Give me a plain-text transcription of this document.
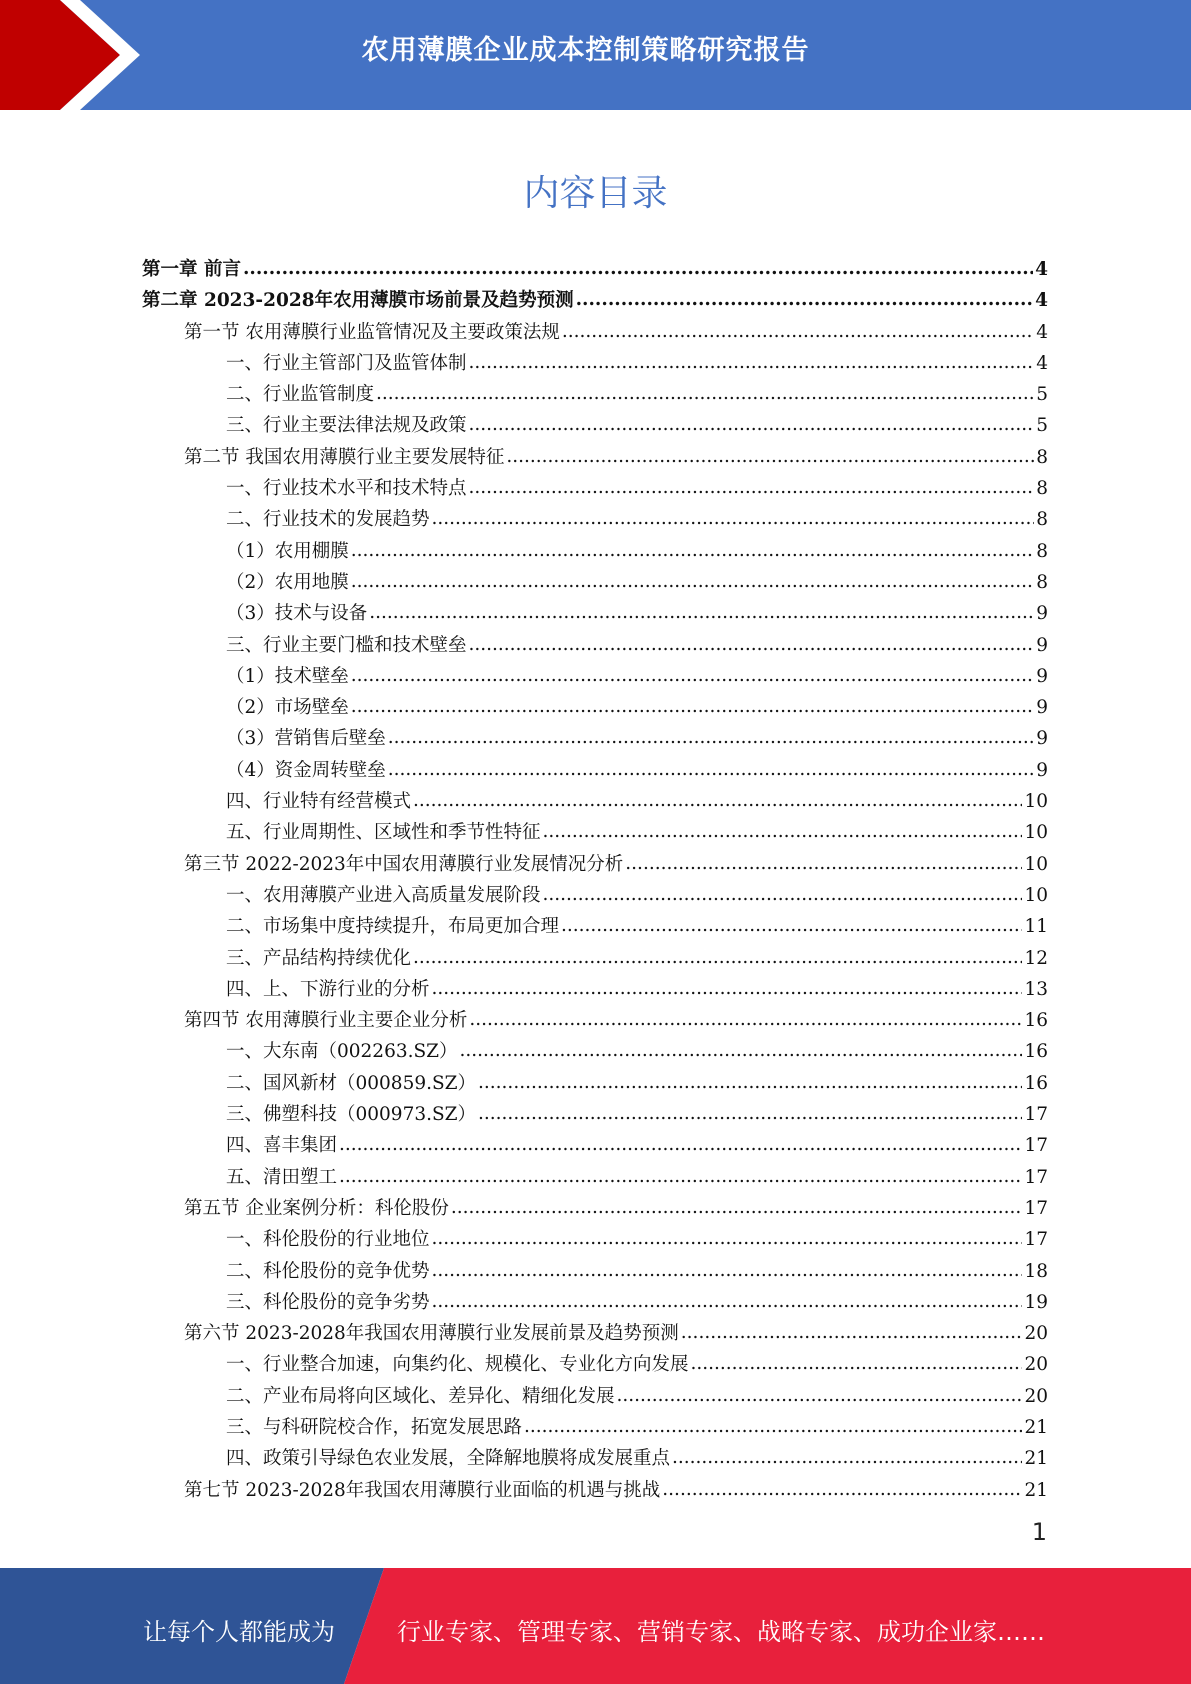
农用薄膜企业成本控制策略研究报告
内容目录
第一章 前言 .....	4
第二章 2023-2028年农用薄膜市场前景及趋势预测 .....	4
第一节 农用薄膜行业监管情况及主要政策法规 .....	4
一、行业主管部门及监管体制 .....	4
二、行业监管制度 .....	5
三、行业主要法律法规及政策 .....	5
第二节 我国农用薄膜行业主要发展特征 .....	8
一、行业技术水平和技术特点 .....	8
二、行业技术的发展趋势 .....	8
（1）农用棚膜 .....	8
（2）农用地膜 .....	8
（3）技术与设备 .....	9
三、行业主要门槛和技术壁垒 .....	9
（1）技术壁垒 .....	9
（2）市场壁垒 .....	9
（3）营销售后壁垒 .....	9
（4）资金周转壁垒 .....	9
四、行业特有经营模式 .....	10
五、行业周期性、区域性和季节性特征 .....	10
第三节 2022-2023年中国农用薄膜行业发展情况分析 .....	10
一、农用薄膜产业进入高质量发展阶段 .....	10
二、市场集中度持续提升，布局更加合理 .....	11
三、产品结构持续优化 .....	12
四、上、下游行业的分析 .....	13
第四节 农用薄膜行业主要企业分析 .....	16
一、大东南（002263.SZ） .....	16
二、国风新材（000859.SZ） .....	16
三、佛塑科技（000973.SZ） .....	17
四、喜丰集团 .....	17
五、清田塑工 .....	17
第五节 企业案例分析：科伦股份 .....	17
一、科伦股份的行业地位 .....	17
二、科伦股份的竞争优势 .....	18
三、科伦股份的竞争劣势 .....	19
第六节 2023-2028年我国农用薄膜行业发展前景及趋势预测 .....	20
一、行业整合加速，向集约化、规模化、专业化方向发展 .....	20
二、产业布局将向区域化、差异化、精细化发展 .....	20
三、与科研院校合作，拓宽发展思路 .....	21
四、政策引导绿色农业发展，全降解地膜将成发展重点 .....	21
第七节 2023-2028年我国农用薄膜行业面临的机遇与挑战 .....	21
1
让每个人都能成为	行业专家、管理专家、营销专家、战略专家、成功企业家……
